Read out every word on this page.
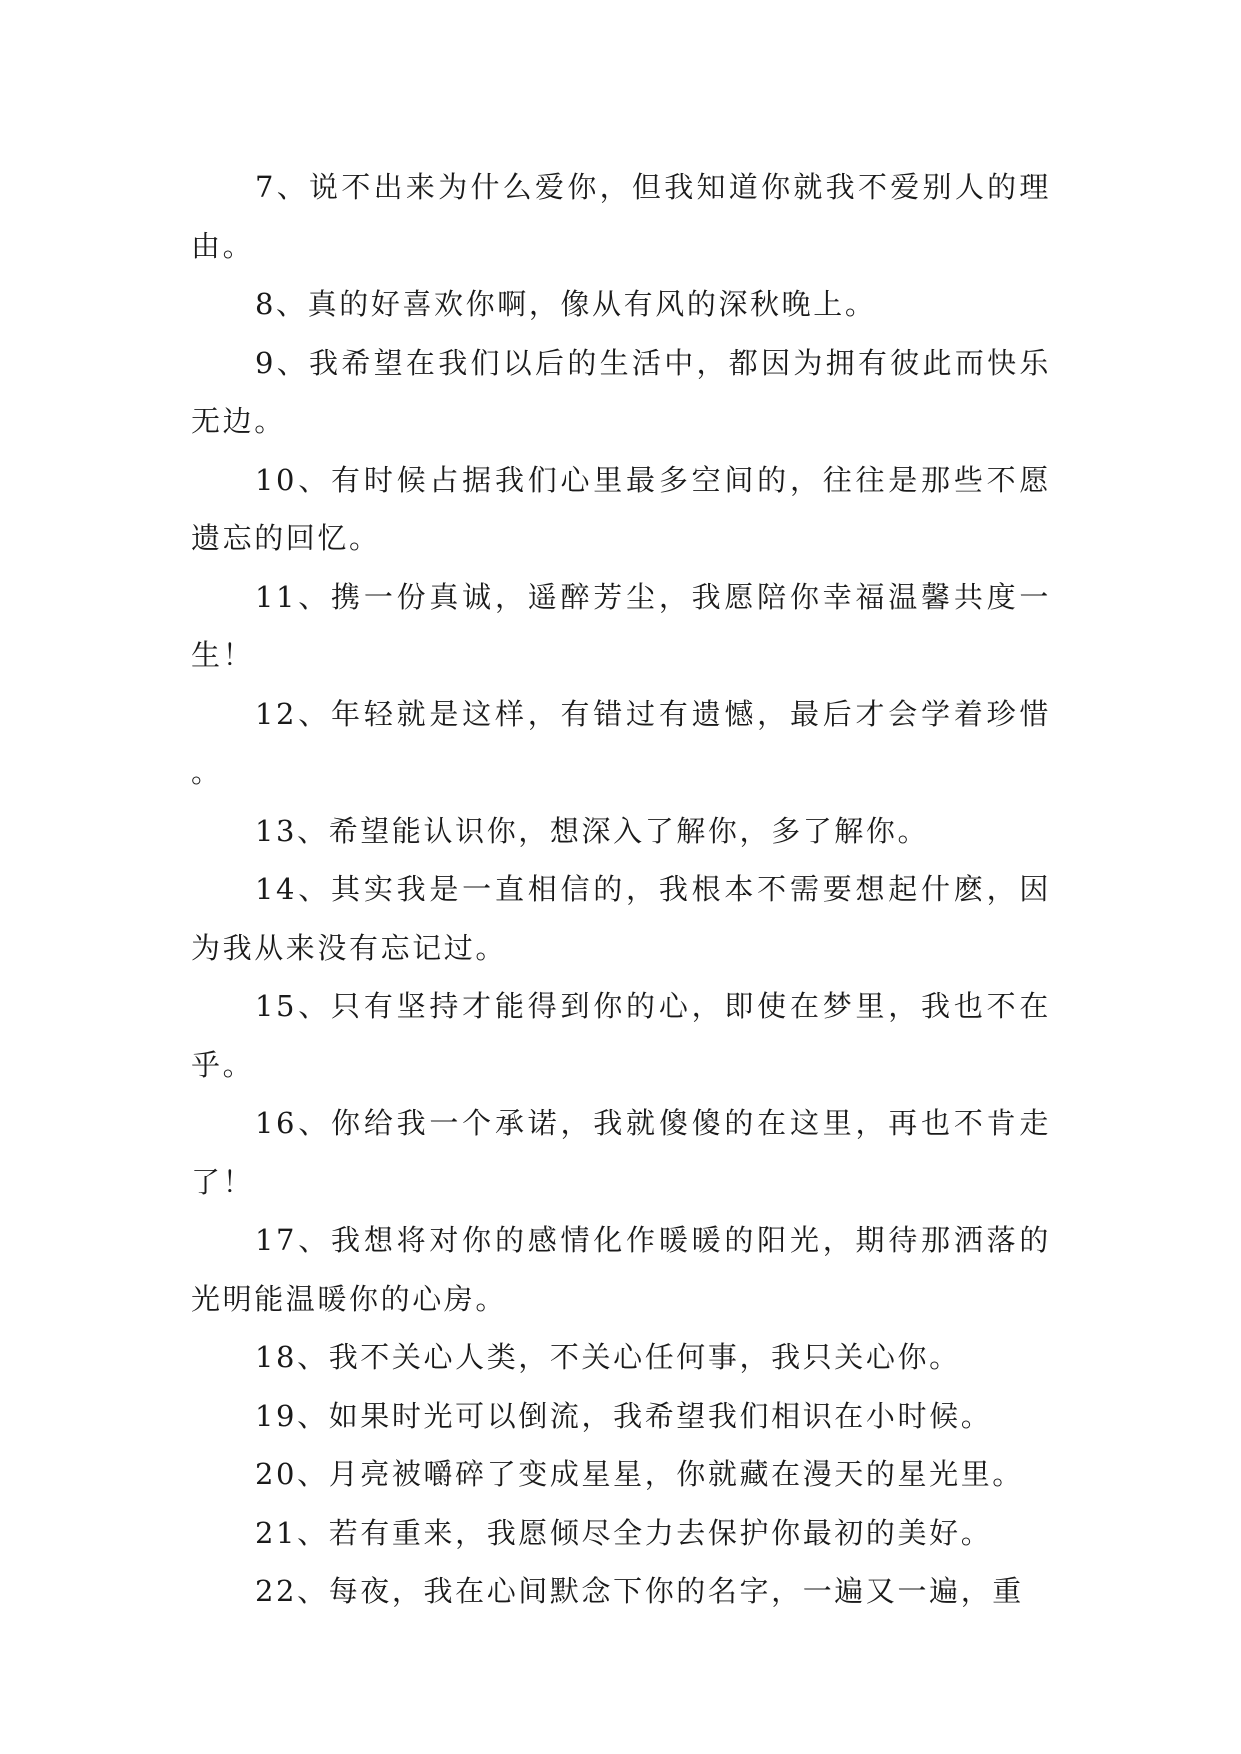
7、说不出来为什么爱你，但我知道你就我不爱别人的理由。

8、真的好喜欢你啊，像从有风的深秋晚上。

9、我希望在我们以后的生活中，都因为拥有彼此而快乐无边。

10、有时候占据我们心里最多空间的，往往是那些不愿遗忘的回忆。

11、携一份真诚，遥醉芳尘，我愿陪你幸福温馨共度一生！

12、年轻就是这样，有错过有遗憾，最后才会学着珍惜。

13、希望能认识你，想深入了解你，多了解你。

14、其实我是一直相信的，我根本不需要想起什麽，因为我从来没有忘记过。

15、只有坚持才能得到你的心，即使在梦里，我也不在乎。

16、你给我一个承诺，我就傻傻的在这里，再也不肯走了！

17、我想将对你的感情化作暖暖的阳光，期待那洒落的光明能温暖你的心房。

18、我不关心人类，不关心任何事，我只关心你。

19、如果时光可以倒流，我希望我们相识在小时候。

20、月亮被嚼碎了变成星星，你就藏在漫天的星光里。

21、若有重来，我愿倾尽全力去保护你最初的美好。

22、每夜，我在心间默念下你的名字，一遍又一遍，重
